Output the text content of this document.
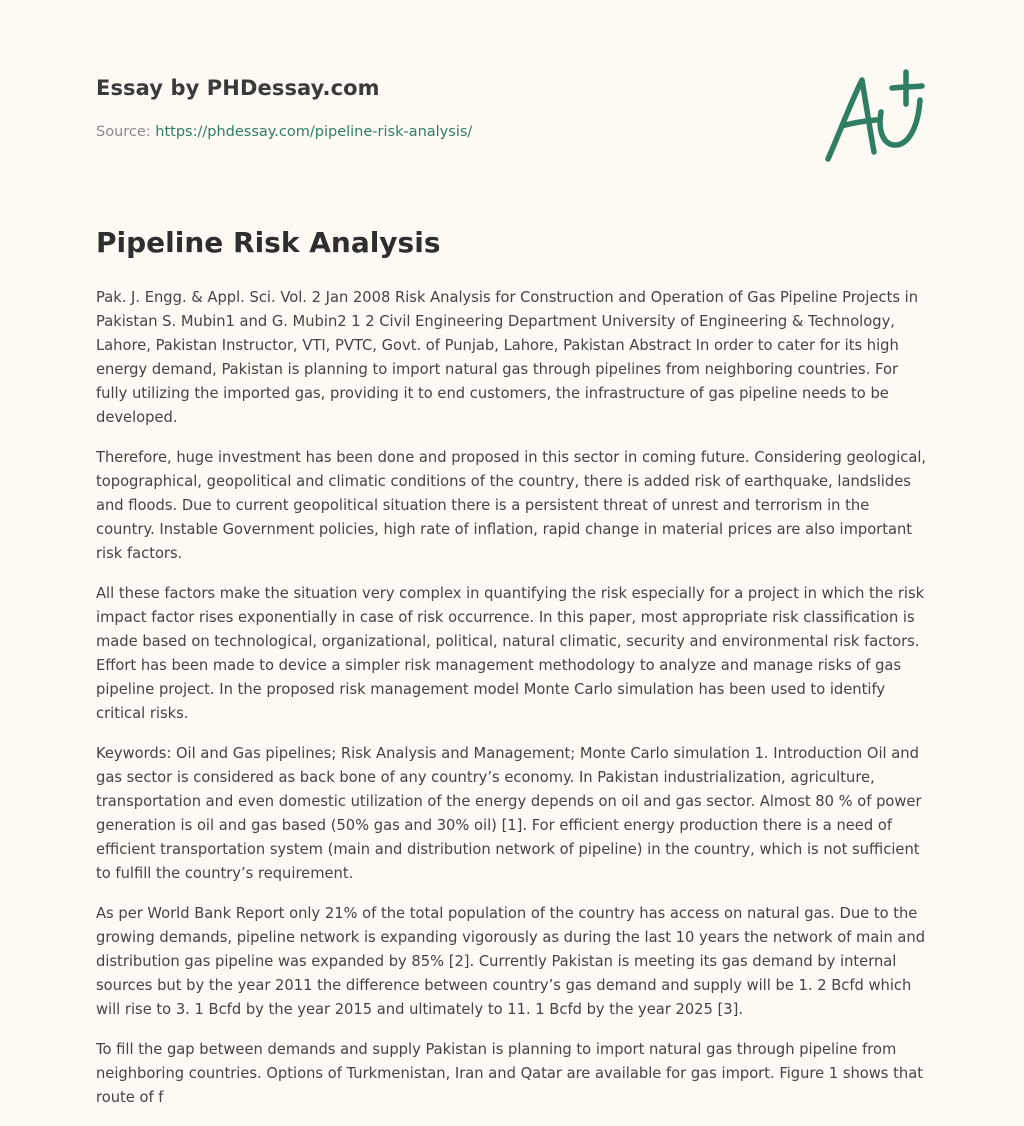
Essay by PHDessay.com
Source: https://phdessay.com/pipeline-risk-analysis/
Pipeline Risk Analysis

Pak. J. Engg. & Appl. Sci. Vol. 2 Jan 2008 Risk Analysis for Construction and Operation of Gas Pipeline Projects in Pakistan S. Mubin1 and G. Mubin2 1 2 Civil Engineering Department University of Engineering & Technology, Lahore, Pakistan Instructor, VTI, PVTC, Govt. of Punjab, Lahore, Pakistan Abstract In order to cater for its high energy demand, Pakistan is planning to import natural gas through pipelines from neighboring countries. For fully utilizing the imported gas, providing it to end customers, the infrastructure of gas pipeline needs to be developed.

Therefore, huge investment has been done and proposed in this sector in coming future. Considering geological, topographical, geopolitical and climatic conditions of the country, there is added risk of earthquake, landslides and floods. Due to current geopolitical situation there is a persistent threat of unrest and terrorism in the country. Instable Government policies, high rate of inflation, rapid change in material prices are also important risk factors.

All these factors make the situation very complex in quantifying the risk especially for a project in which the risk impact factor rises exponentially in case of risk occurrence. In this paper, most appropriate risk classification is made based on technological, organizational, political, natural climatic, security and environmental risk factors. Effort has been made to device a simpler risk management methodology to analyze and manage risks of gas pipeline project. In the proposed risk management model Monte Carlo simulation has been used to identify critical risks.

Keywords: Oil and Gas pipelines; Risk Analysis and Management; Monte Carlo simulation 1. Introduction Oil and gas sector is considered as back bone of any country’s economy. In Pakistan industrialization, agriculture, transportation and even domestic utilization of the energy depends on oil and gas sector. Almost 80 % of power generation is oil and gas based (50% gas and 30% oil) [1]. For efficient energy production there is a need of efficient transportation system (main and distribution network of pipeline) in the country, which is not sufficient to fulfill the country’s requirement.

As per World Bank Report only 21% of the total population of the country has access on natural gas. Due to the growing demands, pipeline network is expanding vigorously as during the last 10 years the network of main and distribution gas pipeline was expanded by 85% [2]. Currently Pakistan is meeting its gas demand by internal sources but by the year 2011 the difference between country’s gas demand and supply will be 1. 2 Bcfd which will rise to 3. 1 Bcfd by the year 2015 and ultimately to 11. 1 Bcfd by the year 2025 [3].

To fill the gap between demands and supply Pakistan is planning to import natural gas through pipeline from neighboring countries. Options of Turkmenistan, Iran and Qatar are available for gas import. Figure 1 shows that route of f
